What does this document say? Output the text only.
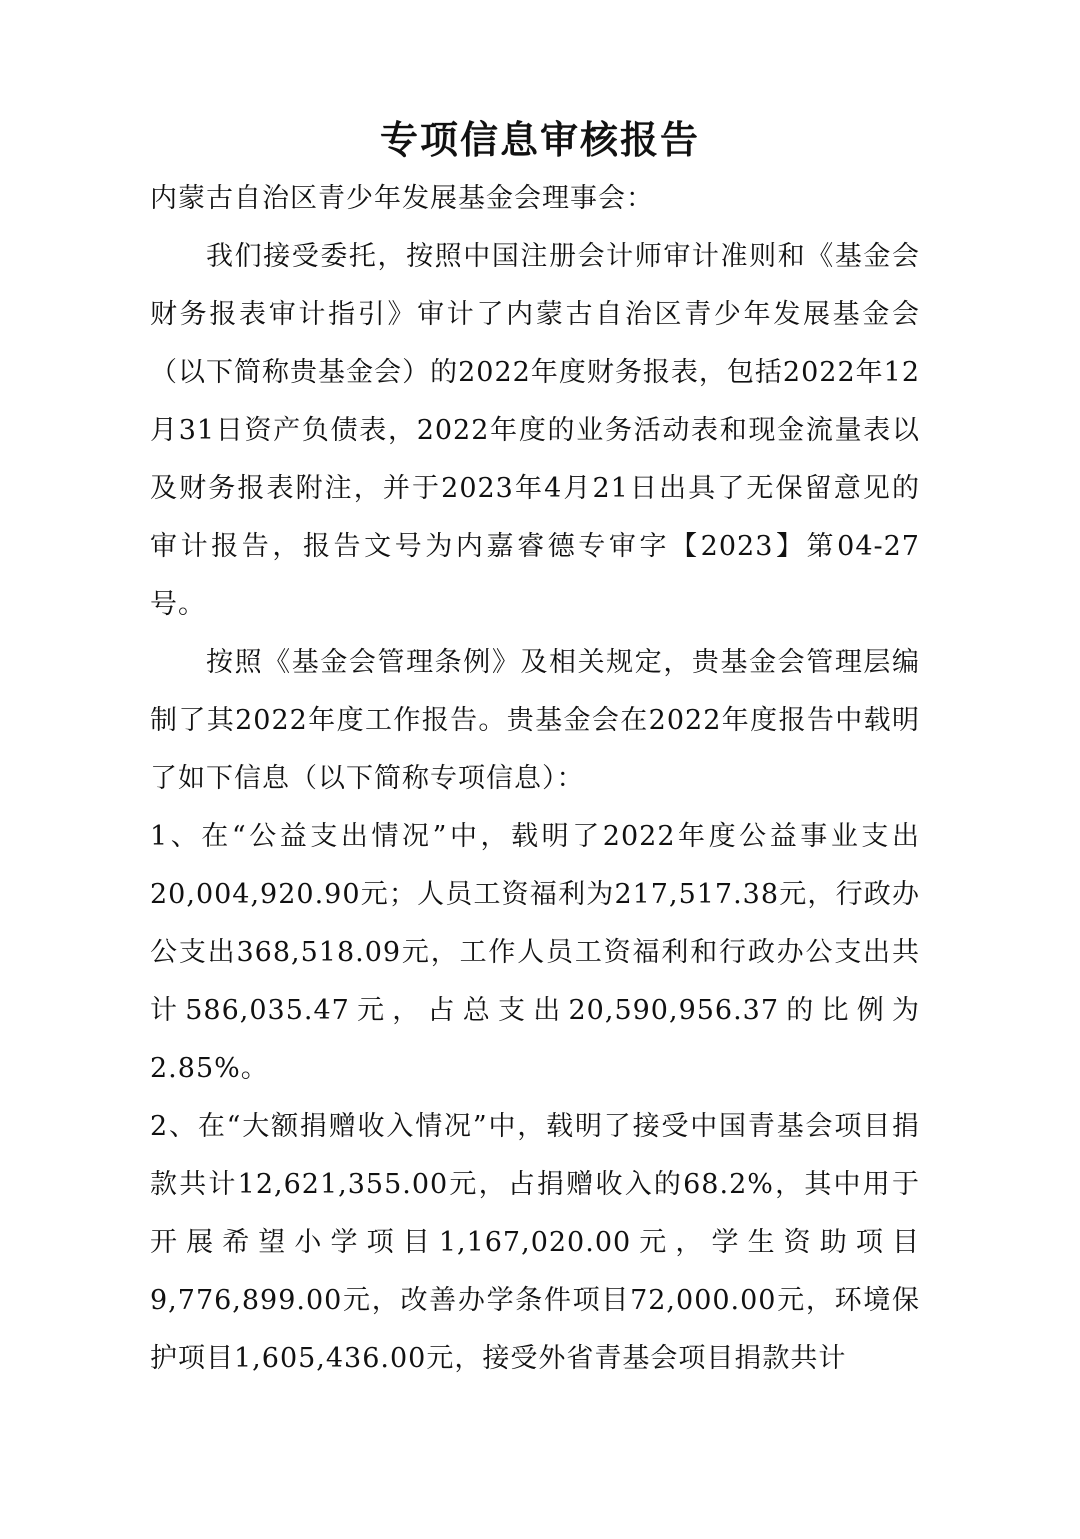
专项信息审核报告

内蒙古自治区青少年发展基金会理事会：

我们接受委托，按照中国注册会计师审计准则和《基金会财务报表审计指引》审计了内蒙古自治区青少年发展基金会（以下简称贵基金会）的2022年度财务报表，包括2022年12月31日资产负债表，2022年度的业务活动表和现金流量表以及财务报表附注，并于2023年4月21日出具了无保留意见的审计报告，报告文号为内嘉睿德专审字【2023】第04-27号。

按照《基金会管理条例》及相关规定，贵基金会管理层编制了其2022年度工作报告。贵基金会在2022年度报告中载明了如下信息（以下简称专项信息）：

1、在“公益支出情况”中，载明了2022年度公益事业支出20,004,920.90元；人员工资福利为217,517.38元，行政办公支出368,518.09元，工作人员工资福利和行政办公支出共计586,035.47元，占总支出20,590,956.37的比例为2.85%。

2、在“大额捐赠收入情况”中，载明了接受中国青基会项目捐款共计12,621,355.00元，占捐赠收入的68.2%，其中用于开展希望小学项目1,167,020.00元，学生资助项目9,776,899.00元，改善办学条件项目72,000.00元，环境保护项目1,605,436.00元，接受外省青基会项目捐款共计
